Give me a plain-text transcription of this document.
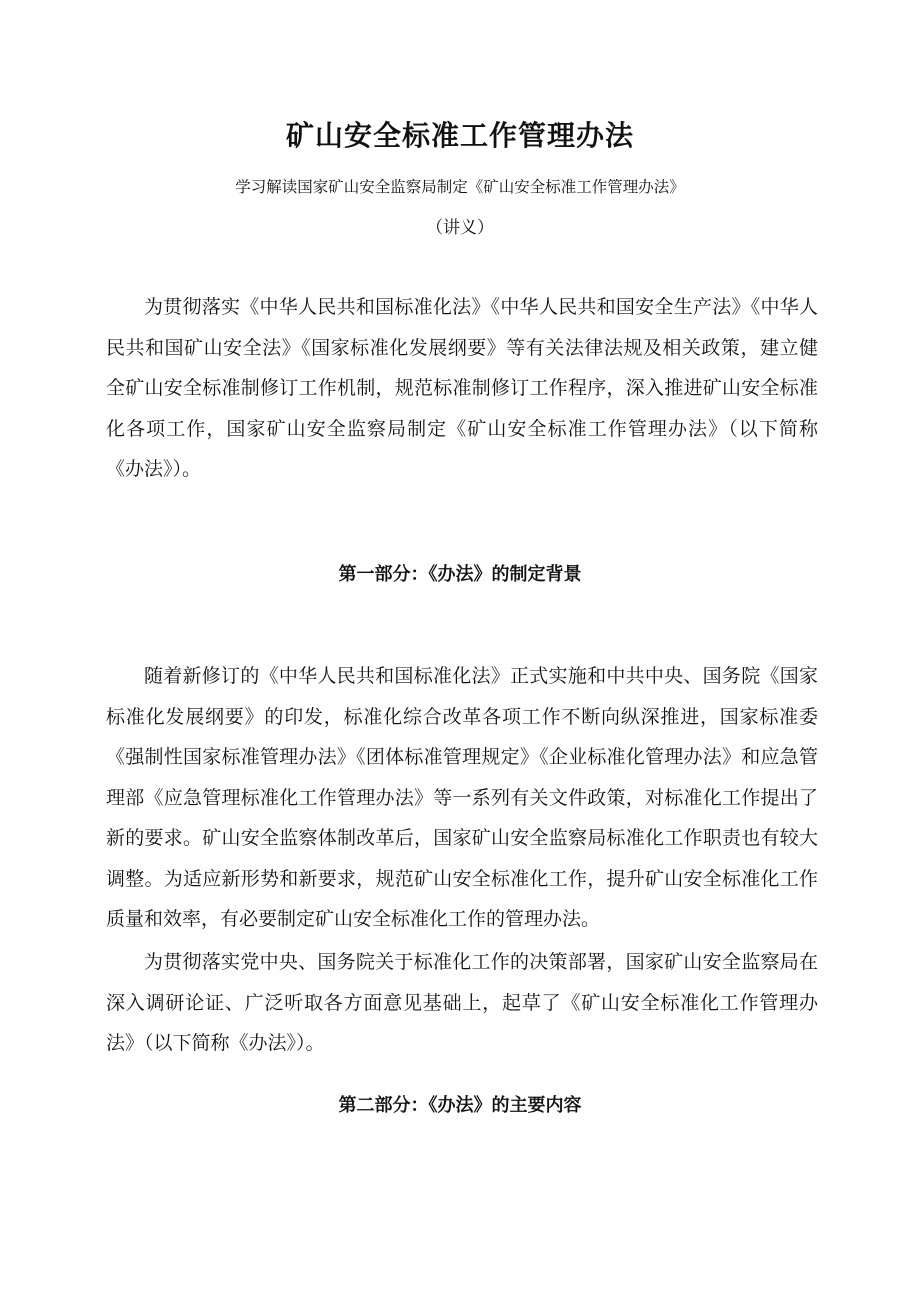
矿山安全标准工作管理办法
学习解读国家矿山安全监察局制定《矿山安全标准工作管理办法》
（讲义）

为贯彻落实《中华人民共和国标准化法》《中华人民共和国安全生产法》《中华人民共和国矿山安全法》《国家标准化发展纲要》等有关法律法规及相关政策，建立健全矿山安全标准制修订工作机制，规范标准制修订工作程序，深入推进矿山安全标准化各项工作，国家矿山安全监察局制定《矿山安全标准工作管理办法》（以下简称《办法》）。

第一部分：《办法》的制定背景

随着新修订的《中华人民共和国标准化法》正式实施和中共中央、国务院《国家标准化发展纲要》的印发，标准化综合改革各项工作不断向纵深推进，国家标准委《强制性国家标准管理办法》《团体标准管理规定》《企业标准化管理办法》和应急管理部《应急管理标准化工作管理办法》等一系列有关文件政策，对标准化工作提出了新的要求。矿山安全监察体制改革后，国家矿山安全监察局标准化工作职责也有较大调整。为适应新形势和新要求，规范矿山安全标准化工作，提升矿山安全标准化工作质量和效率，有必要制定矿山安全标准化工作的管理办法。

为贯彻落实党中央、国务院关于标准化工作的决策部署，国家矿山安全监察局在深入调研论证、广泛听取各方面意见基础上，起草了《矿山安全标准化工作管理办法》（以下简称《办法》）。

第二部分：《办法》的主要内容
